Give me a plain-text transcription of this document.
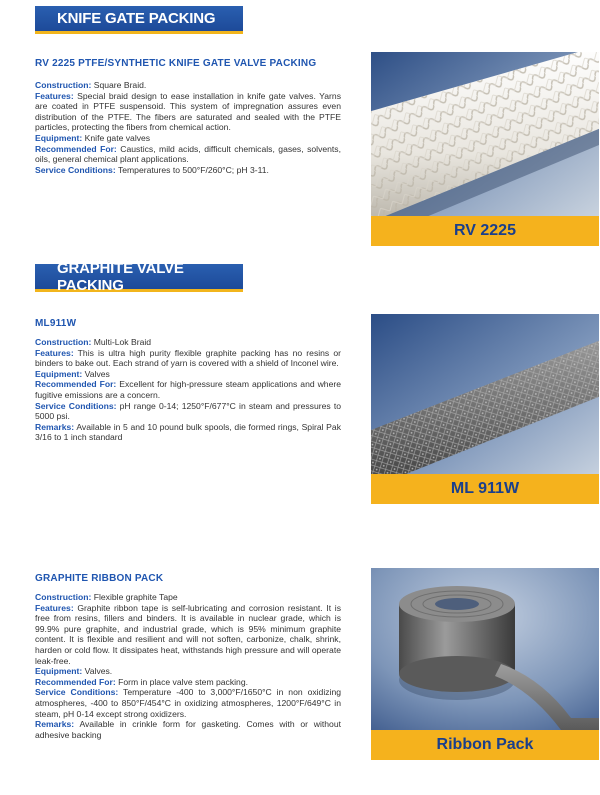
KNIFE GATE PACKING
RV 2225 PTFE/SYNTHETIC KNIFE GATE VALVE PACKING

Construction: Square Braid.

Features: Special braid design to ease installation in knife gate valves. Yarns are coated in PTFE suspensoid. This system of impregnation assures even distribution of the PTFE. The fibers are saturated and sealed with the PTFE particles, protecting the fibers from chemical action.

Equipment: Knife gate valves

Recommended For: Caustics, mild acids, difficult chemicals, gases, solvents, oils, general chemical plant applications.

Service Conditions: Temperatures to 500°F/260°C; pH 3-11.

RV 2225
GRAPHITE VALVE PACKING
ML911W

Construction: Multi-Lok Braid

Features: This is ultra high purity flexible graphite packing has no resins or binders to bake out. Each strand of yarn is covered with a shield of Inconel wire.

Equipment: Valves

Recommended For: Excellent for high-pressure steam applications and where fugitive emissions are a concern.

Service Conditions: pH range 0-14; 1250°F/677°C in steam and pressures to 5000 psi.

Remarks: Available in 5 and 10 pound bulk spools, die formed rings, Spiral Pak 3/16 to 1 inch standard

ML 911W
GRAPHITE RIBBON PACK

Construction: Flexible graphite Tape

Features: Graphite ribbon tape is self-lubricating and corrosion resistant. It is free from resins, fillers and binders. It is available in nuclear grade, which is 99.9% pure graphite, and industrial grade, which is 95% minimum graphite content. It is flexible and resilient and will not soften, carbonize, chalk, shrink, harden or cold flow. It dissipates heat, withstands high pressure and will operate leak-free.

Equipment: Valves.

Recommended For: Form in place valve stem packing.

Service Conditions: Temperature -400 to 3,000°F/1650°C in non oxidizing atmospheres, -400 to 850°F/454°C in oxidizing atmospheres, 1200°F/649°C in steam, pH 0-14 except strong oxidizers.

Remarks: Available in crinkle form for gasketing. Comes with or without adhesive backing

Ribbon Pack
